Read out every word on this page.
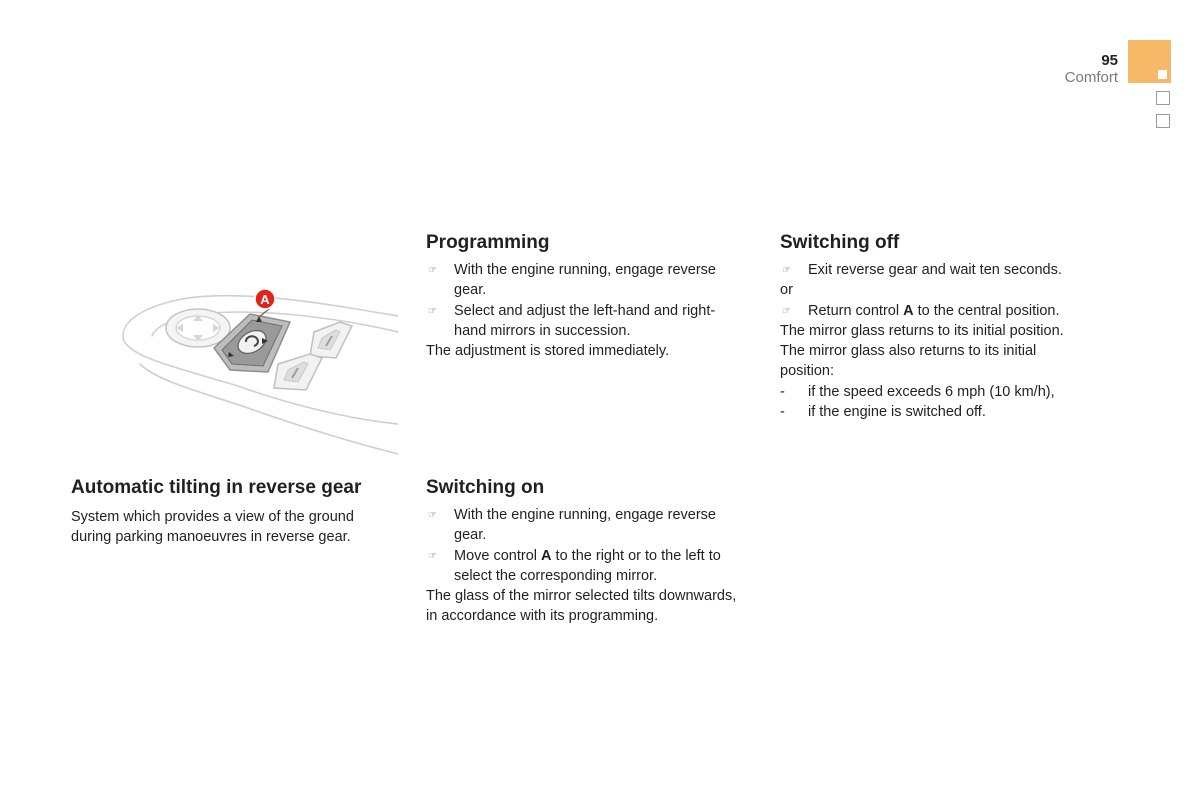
95
Comfort
A
Automatic tilting in reverse gear

System which provides a view of the ground during parking manoeuvres in reverse gear.

Programming
☞ With the engine running, engage reverse gear.
☞ Select and adjust the left-hand and right-hand mirrors in succession.

The adjustment is stored immediately.

Switching on
☞ With the engine running, engage reverse gear.
☞ Move control A to the right or to the left to select the corresponding mirror.

The glass of the mirror selected tilts downwards, in accordance with its programming.

Switching off
☞ Exit reverse gear and wait ten seconds.

or

☞ Return control A to the central position.

The mirror glass returns to its initial position.

The mirror glass also returns to its initial position:

- if the speed exceeds 6 mph (10 km/h),
- if the engine is switched off.
